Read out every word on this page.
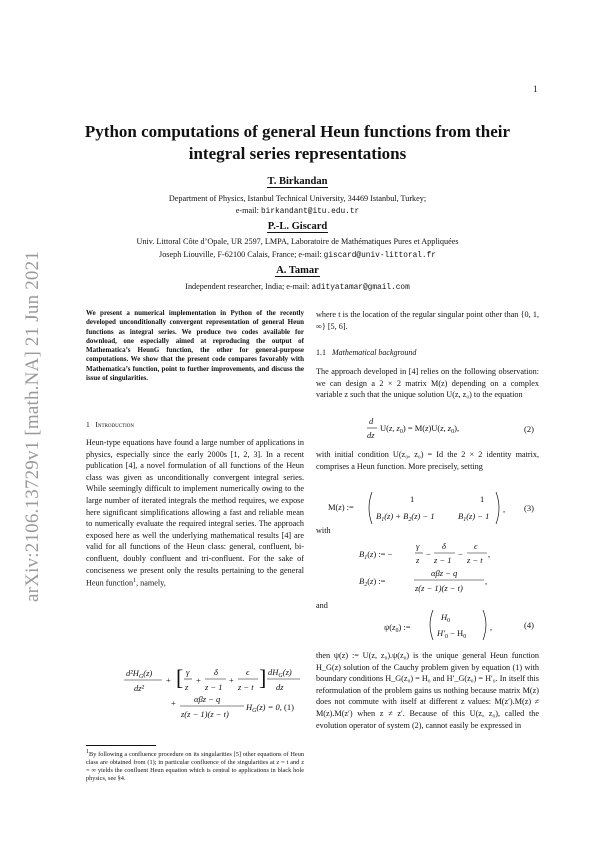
1
arXiv:2106.13729v1 [math.NA] 21 Jun 2021
Python computations of general Heun functions from their integral series representations
T. Birkandan
Department of Physics, Istanbul Technical University, 34469 Istanbul, Turkey;
e-mail: birkandant@itu.edu.tr
P.-L. Giscard
Univ. Littoral Côte d’Opale, UR 2597, LMPA, Laboratoire de Mathématiques Pures et Appliquées
Joseph Liouville, F-62100 Calais, France; e-mail: giscard@univ-littoral.fr
A. Tamar
Independent researcher, India; e-mail: adityatamar@gmail.com
We present a numerical implementation in Python of the recently developed unconditionally convergent representation of general Heun functions as integral series. We produce two codes available for download, one especially aimed at reproducing the output of Mathematica’s HeunG function, the other for general-purpose computations. We show that the present code compares favorably with Mathematica’s function, point to further improvements, and discuss the issue of singularities.
1 Introduction
Heun-type equations have found a large number of applications in physics, especially since the early 2000s [1, 2, 3]. In a recent publication [4], a novel formulation of all functions of the Heun class was given as unconditionally convergent integral series. While seemingly difficult to implement numerically owing to the large number of iterated integrals the method requires, we expose here significant simplifications allowing a fast and reliable mean to numerically evaluate the required integral series. The approach exposed here as well the underlying mathematical results [4] are valid for all functions of the Heun class: general, confluent, bi-confluent, doubly confluent and tri-confluent. For the sake of conciseness we present only the results pertaining to the general Heun function$^1$, namely,
$d^2H_G(z)$
dz²
+ [ γ
z
+
δ
z − 1
+
ϵ
z − t ] $dH_G(z)$
dz
+ αβz − q
z(z − 1)(z − t)
$H_G(z) = 0$, (1)
$^1$By following a confluence procedure on its singularities [5] other equations of Heun class are obtained from (1); in particular confluence of the singularities at z = t and z = ∞ yields the confluent Heun equation which is central to applications in black hole physics, see §4.
where t is the location of the regular singular point other than {0, 1, ∞} [5, 6].
1.1 Mathematical background
The approach developed in [4] relies on the following observation: we can design a 2 × 2 matrix M(z) depending on a complex variable z such that the unique solution U(z, z₀) to the equation
d
dz
U(z, $z_0) = M(z)U(z$, $z_0$),	(2)
with initial condition U(z₀, z₀) = Id the 2 × 2 identity matrix, comprises a Heun function. More precisely, setting
M(z) :=
1	1
$B_1(z) + B_2(z) - 1$	$B_1(z) - 1$
, (3)
with
$B_1(z)$ := −
γ
z
−
δ
z − 1
−
ϵ
z − t
,
$B_2(z)$ :=
αβz − q
z(z − 1)(z − t)
,
and
$\psi(z_0)$ :=
$H_0$
$H'_0 - H_0$
,	(4)
then ψ(z) := U(z, z₀).ψ(z₀) is the unique general Heun function H_G(z) solution of the Cauchy problem given by equation (1) with boundary conditions H_G(z₀) = H₀ and H′_G(z₀) = H′₀. In itself this reformulation of the problem gains us nothing because matrix M(z) does not commute with itself at different z values: M(z′).M(z) ≠ M(z).M(z′) when z ≠ z′. Because of this U(z, z₀), called the evolution operator of system (2), cannot easily be expressed in
